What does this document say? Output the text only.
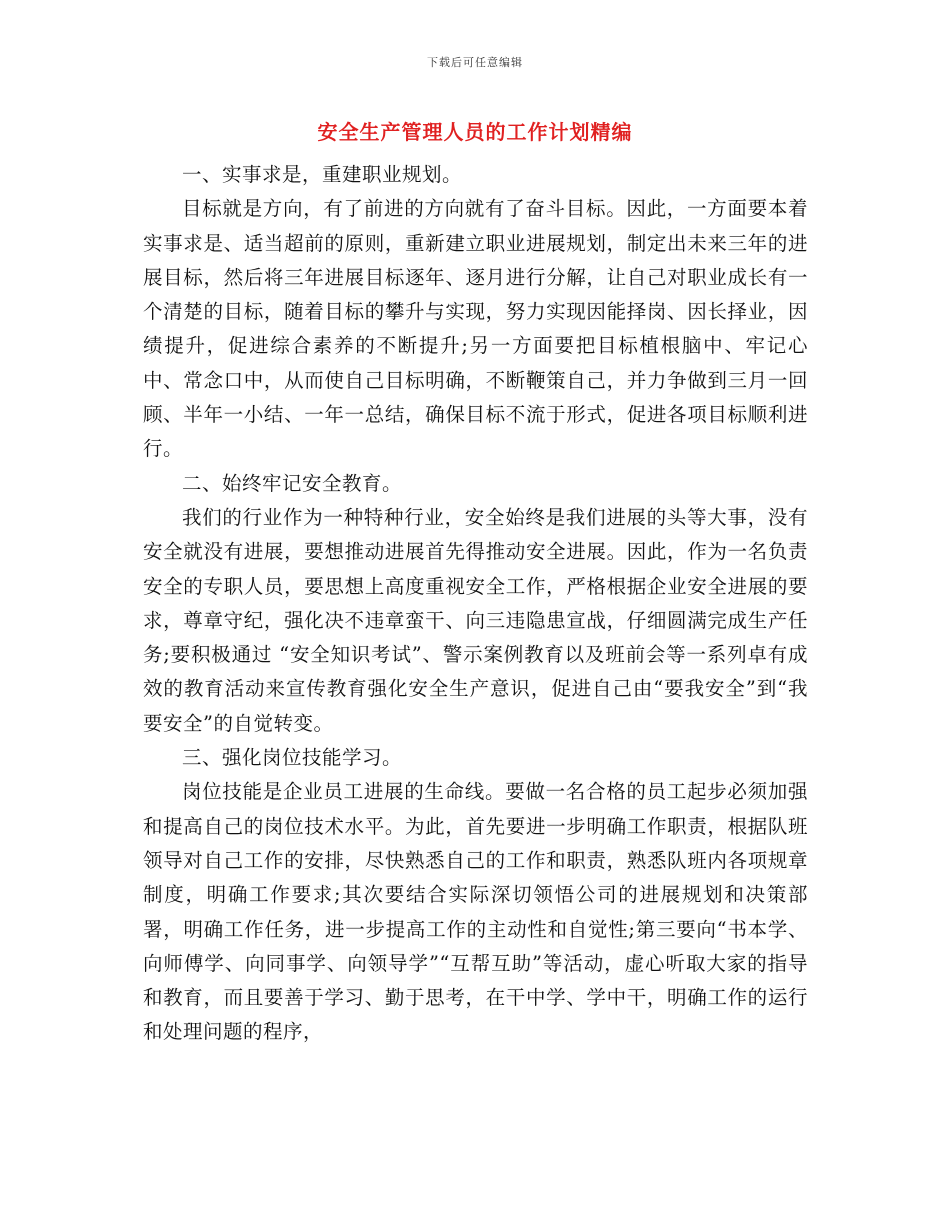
下载后可任意编辑
安全生产管理人员的工作计划精编

一、实事求是，重建职业规划。

目标就是方向，有了前进的方向就有了奋斗目标。因此，一方面要本着实事求是、适当超前的原则，重新建立职业进展规划，制定出未来三年的进展目标，然后将三年进展目标逐年、逐月进行分解，让自己对职业成长有一个清楚的目标，随着目标的攀升与实现，努力实现因能择岗、因长择业，因绩提升，促进综合素养的不断提升;另一方面要把目标植根脑中、牢记心中、常念口中，从而使自己目标明确，不断鞭策自己，并力争做到三月一回顾、半年一小结、一年一总结，确保目标不流于形式，促进各项目标顺利进行。

二、始终牢记安全教育。

我们的行业作为一种特种行业，安全始终是我们进展的头等大事，没有安全就没有进展，要想推动进展首先得推动安全进展。因此，作为一名负责安全的专职人员，要思想上高度重视安全工作，严格根据企业安全进展的要求，尊章守纪，强化决不违章蛮干、向三违隐患宣战，仔细圆满完成生产任务;要积极通过 “安全知识考试”、警示案例教育以及班前会等一系列卓有成效的教育活动来宣传教育强化安全生产意识，促进自己由“要我安全”到“我要安全”的自觉转变。

三、强化岗位技能学习。

岗位技能是企业员工进展的生命线。要做一名合格的员工起步必须加强和提高自己的岗位技术水平。为此，首先要进一步明确工作职责，根据队班领导对自己工作的安排，尽快熟悉自己的工作和职责，熟悉队班内各项规章制度，明确工作要求;其次要结合实际深切领悟公司的进展规划和决策部署，明确工作任务，进一步提高工作的主动性和自觉性;第三要向“书本学、向师傅学、向同事学、向领导学”“互帮互助”等活动，虚心听取大家的指导和教育，而且要善于学习、勤于思考，在干中学、学中干，明确工作的运行和处理问题的程序，
